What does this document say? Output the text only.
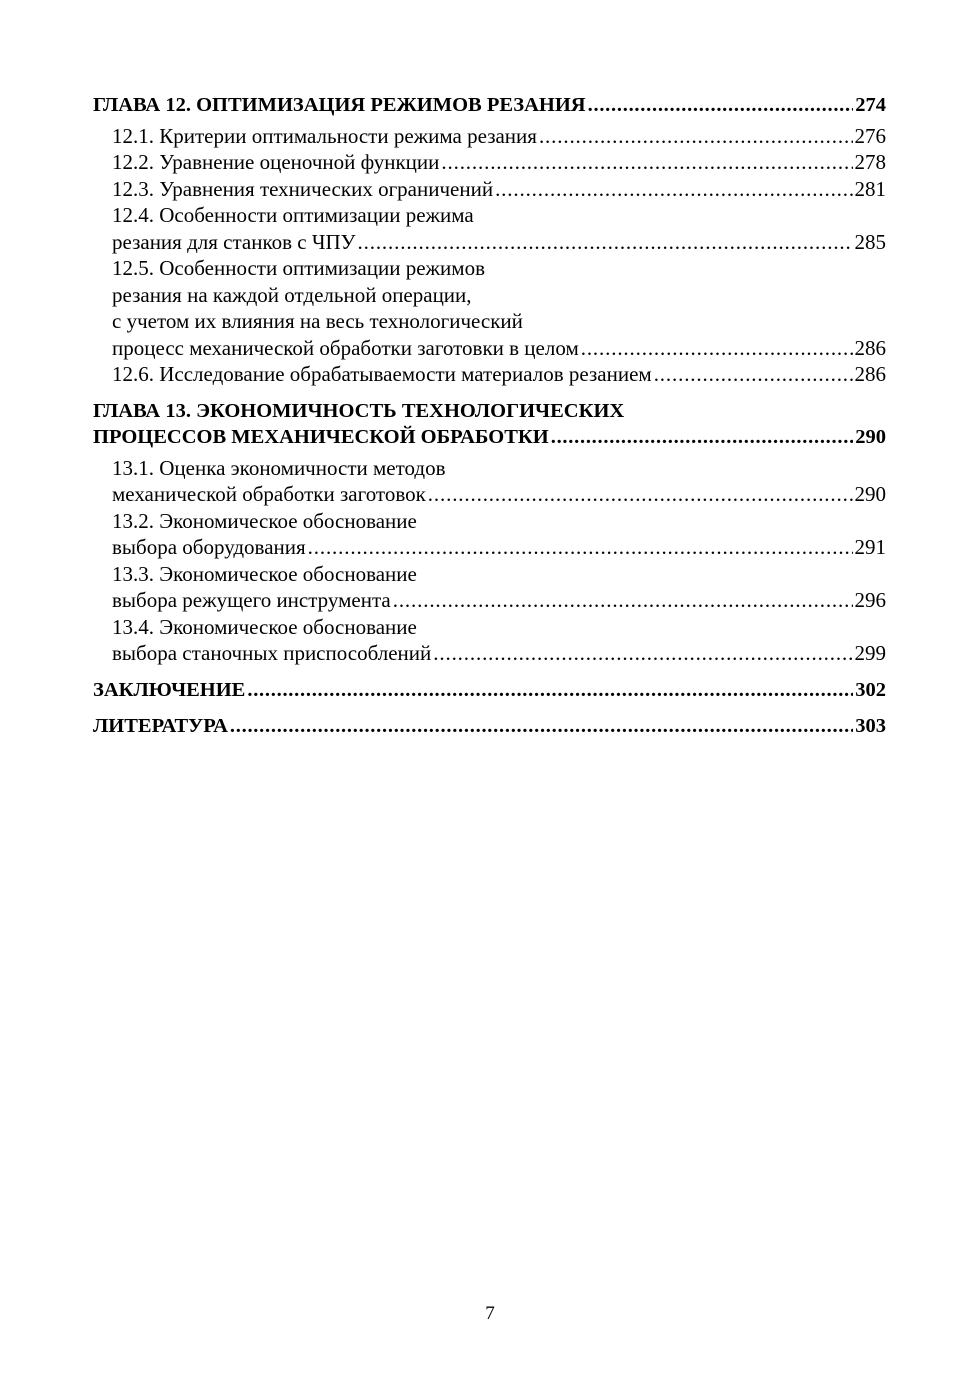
ГЛАВА 12. ОПТИМИЗАЦИЯ РЕЖИМОВ РЕЗАНИЯ . . .	274
12.1. Критерии оптимальности режима резания . . .	276
12.2. Уравнение оценочной функции . . .	278
12.3. Уравнения технических ограничений . . .	281
12.4. Особенности оптимизации режима
резания для станков с ЧПУ . . .	285
12.5. Особенности оптимизации режимов
резания на каждой отдельной операции,
с учетом их влияния на весь технологический
процесс механической обработки заготовки в целом . . .	286
12.6. Исследование обрабатываемости материалов резанием . . .	286
ГЛАВА 13. ЭКОНОМИЧНОСТЬ ТЕХНОЛОГИЧЕСКИХ
ПРОЦЕССОВ МЕХАНИЧЕСКОЙ ОБРАБОТКИ . . .	290
13.1. Оценка экономичности методов
механической обработки заготовок . . .	290
13.2. Экономическое обоснование
выбора оборудования . . .	291
13.3. Экономическое обоснование
выбора режущего инструмента . . .	296
13.4. Экономическое обоснование
выбора станочных приспособлений . . .	299
ЗАКЛЮЧЕНИЕ . . .	302
ЛИТЕРАТУРА . . .	303
7
